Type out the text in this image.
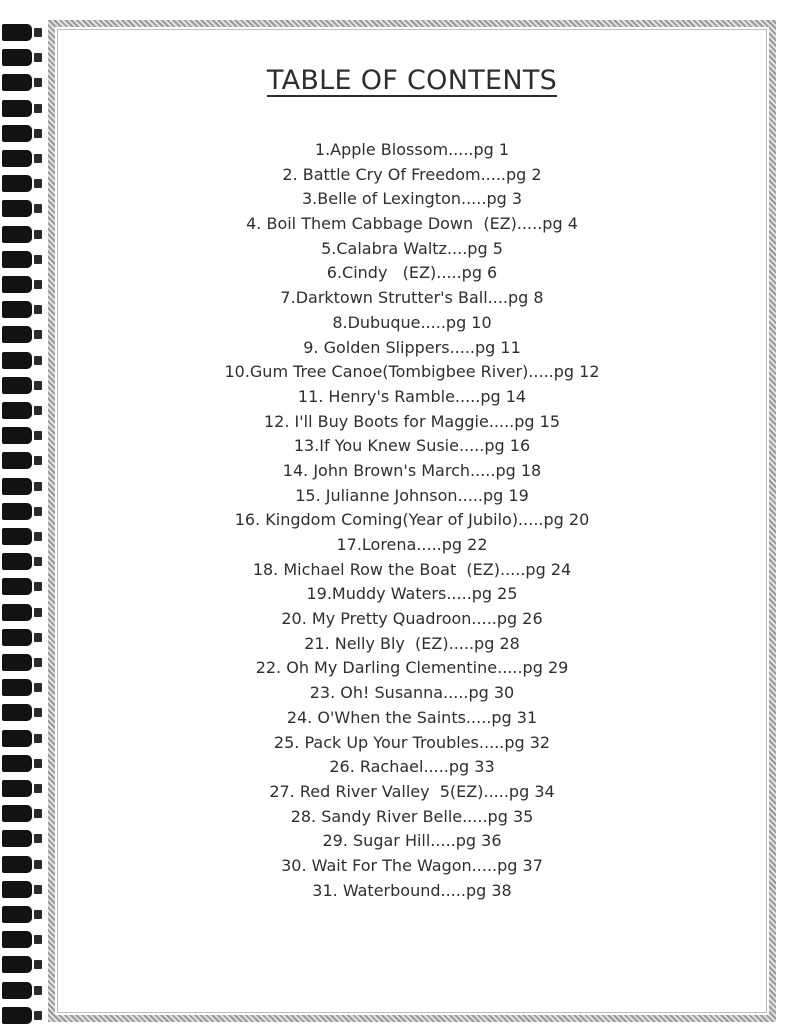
TABLE OF CONTENTS
1.Apple Blossom.....pg 1
2. Battle Cry Of Freedom.....pg 2
3.Belle of Lexington.....pg 3
4. Boil Them Cabbage Down  (EZ).....pg 4
5.Calabra Waltz....pg 5
6.Cindy   (EZ).....pg 6
7.Darktown Strutter's Ball....pg 8
8.Dubuque.....pg 10
9. Golden Slippers.....pg 11
10.Gum Tree Canoe(Tombigbee River).....pg 12
11. Henry's Ramble.....pg 14
12. I'll Buy Boots for Maggie.....pg 15
13.If You Knew Susie.....pg 16
14. John Brown's March.....pg 18
15. Julianne Johnson.....pg 19
16. Kingdom Coming(Year of Jubilo).....pg 20
17.Lorena.....pg 22
18. Michael Row the Boat  (EZ).....pg 24
19.Muddy Waters.....pg 25
20. My Pretty Quadroon.....pg 26
21. Nelly Bly  (EZ).....pg 28
22. Oh My Darling Clementine.....pg 29
23. Oh! Susanna.....pg 30
24. O'When the Saints.....pg 31
25. Pack Up Your Troubles.....pg 32
26. Rachael.....pg 33
27. Red River Valley  5(EZ).....pg 34
28. Sandy River Belle.....pg 35
29. Sugar Hill.....pg 36
30. Wait For The Wagon.....pg 37
31. Waterbound.....pg 38
